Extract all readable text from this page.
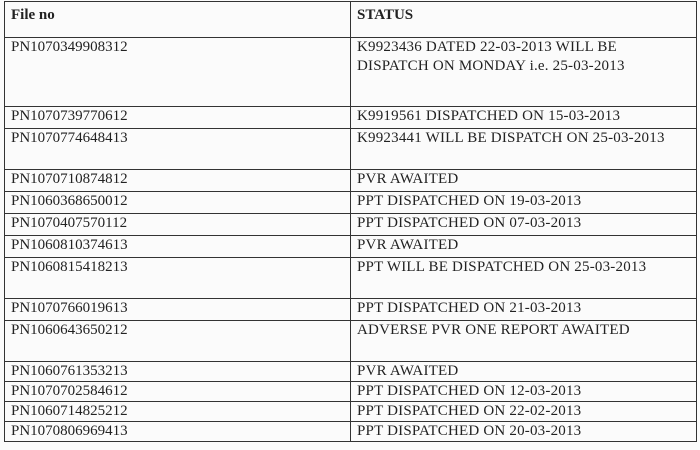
File no	STATUS
PN1070349908312	K9923436 DATED 22-03-2013 WILL BE DISPATCH ON MONDAY i.e. 25-03-2013
PN1070739770612	K9919561 DISPATCHED ON 15-03-2013
PN1070774648413	K9923441 WILL BE DISPATCH ON 25-03-2013
PN1070710874812	PVR AWAITED
PN1060368650012	PPT DISPATCHED ON 19-03-2013
PN1070407570112	PPT DISPATCHED ON 07-03-2013
PN1060810374613	PVR AWAITED
PN1060815418213	PPT WILL BE DISPATCHED ON 25-03-2013
PN1070766019613	PPT DISPATCHED ON 21-03-2013
PN1060643650212	ADVERSE PVR ONE REPORT AWAITED
PN1060761353213	PVR AWAITED
PN1070702584612	PPT DISPATCHED ON 12-03-2013
PN1060714825212	PPT DISPATCHED ON 22-02-2013
PN1070806969413	PPT DISPATCHED ON 20-03-2013
